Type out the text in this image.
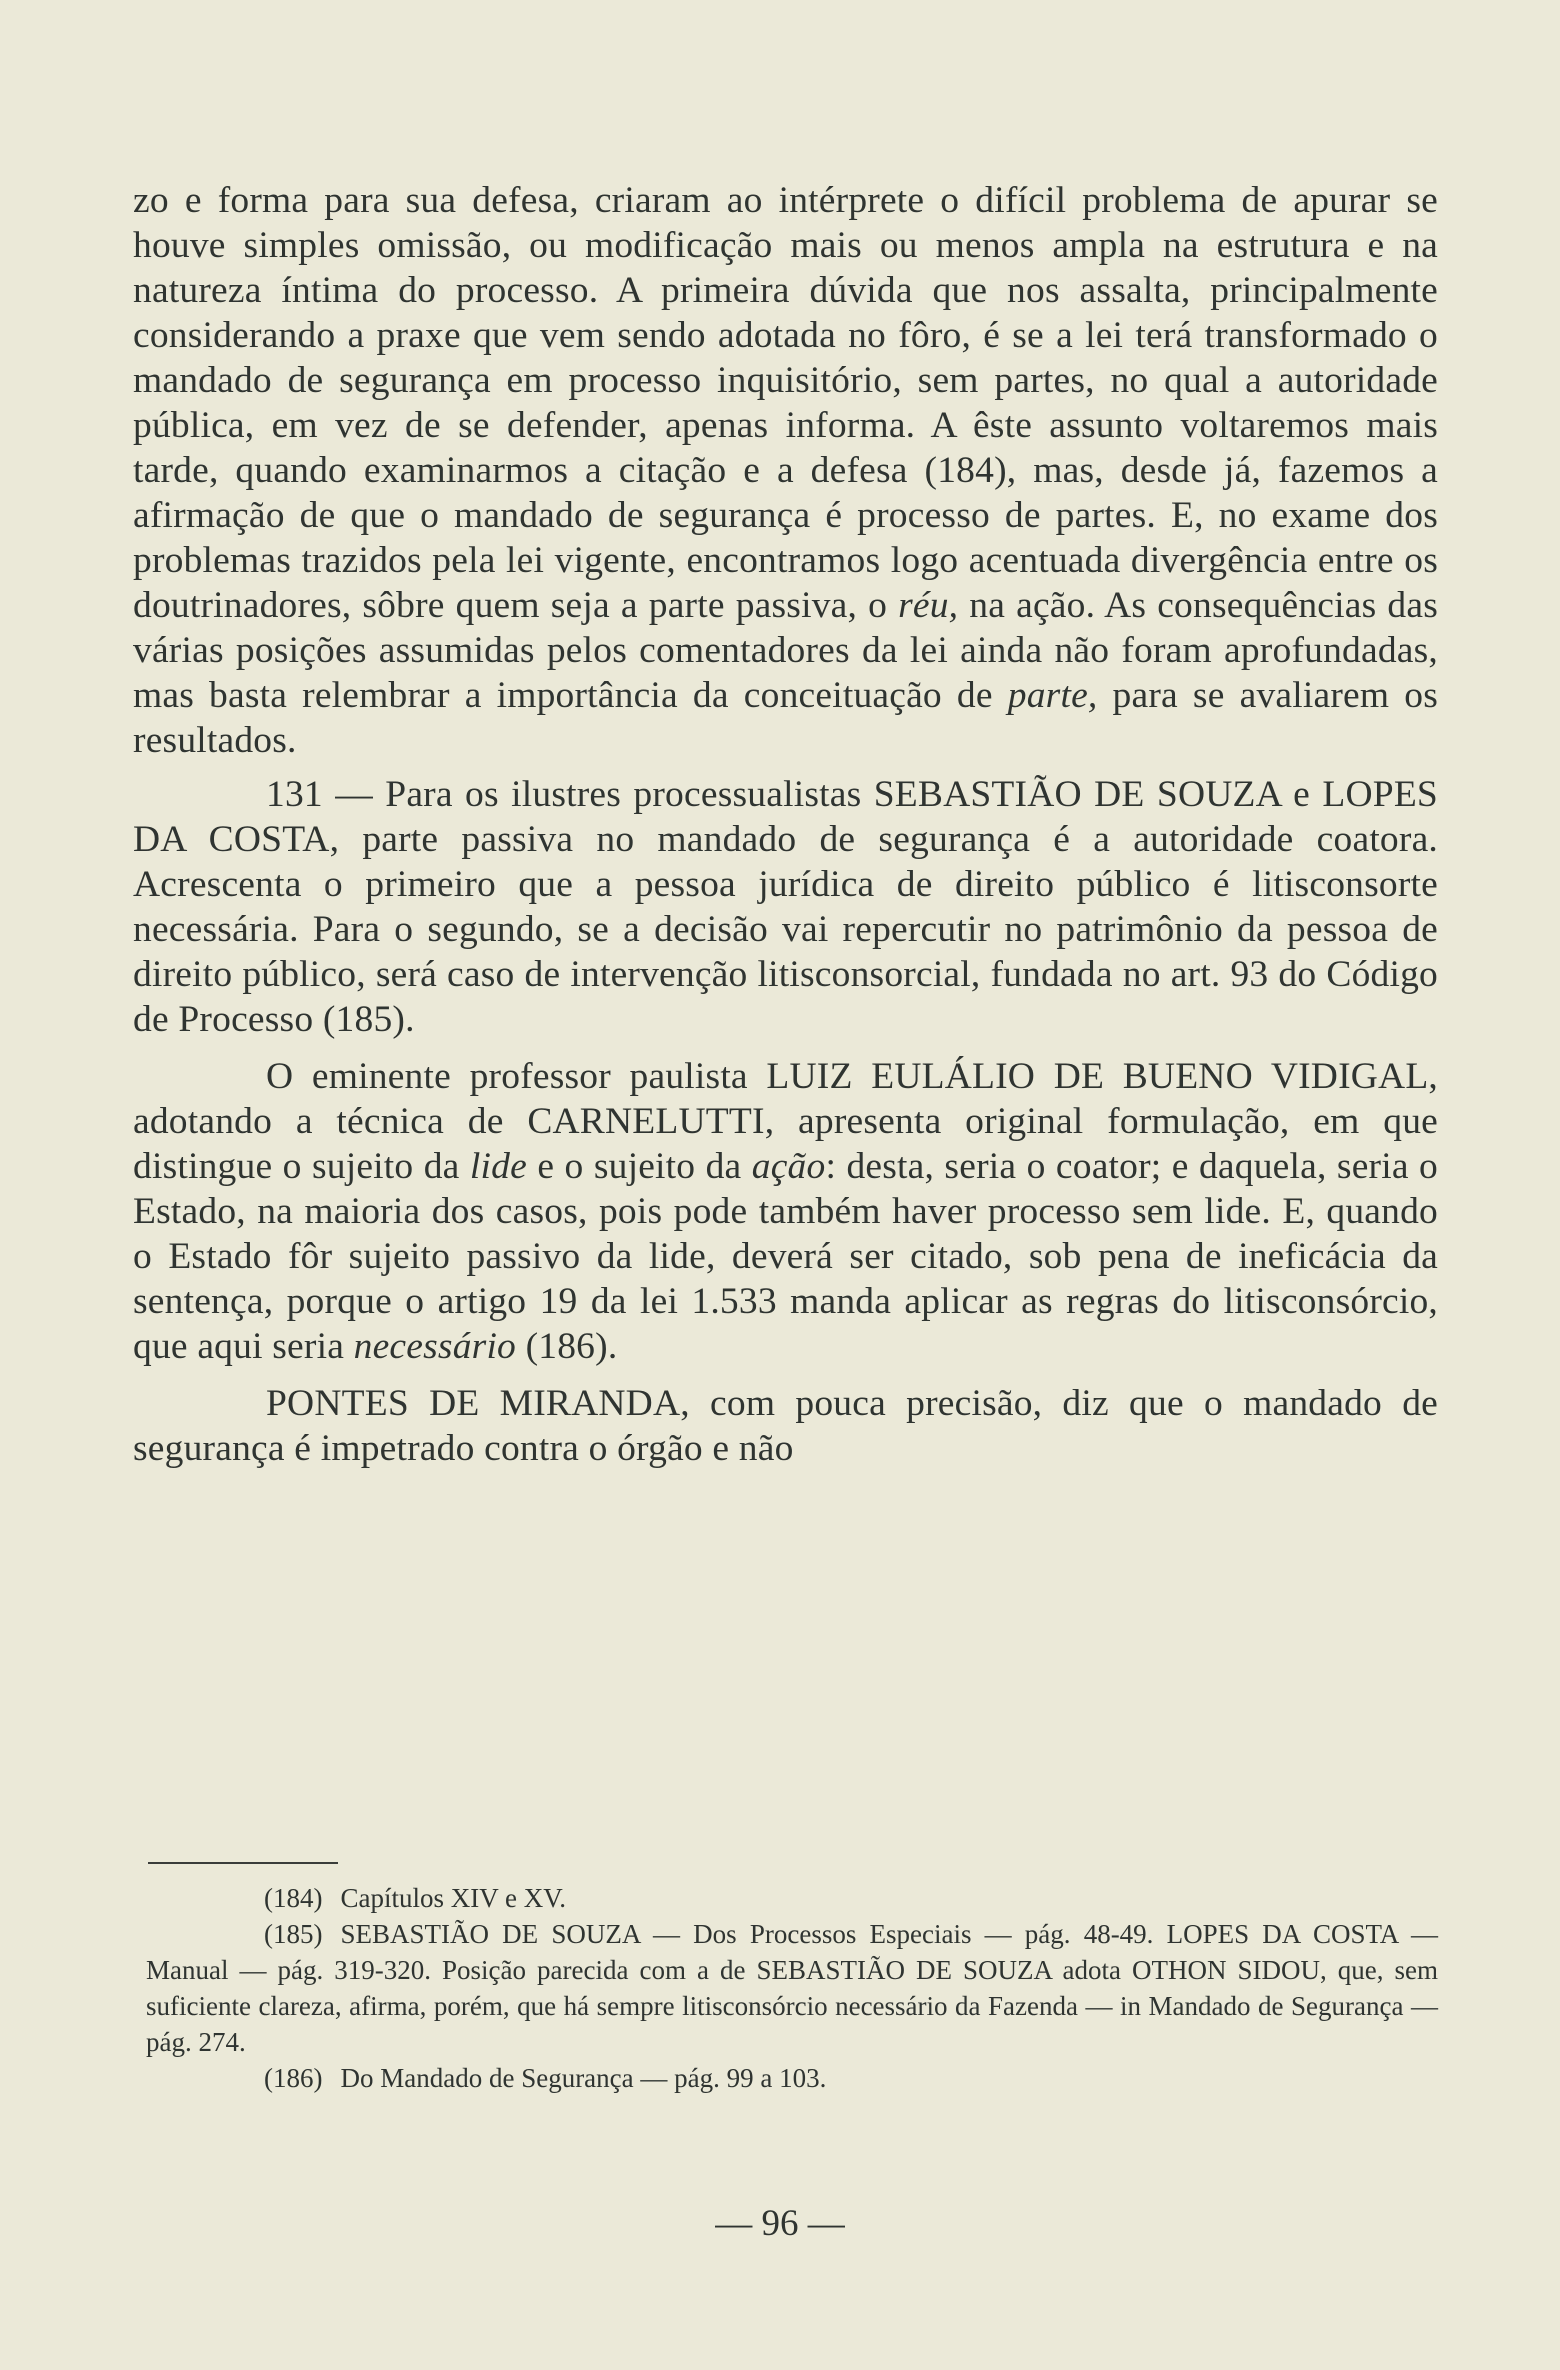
zo e forma para sua defesa, criaram ao intérprete o difícil problema de apurar se houve simples omissão, ou modificação mais ou menos ampla na estrutura e na natureza íntima do processo. A primeira dúvida que nos assalta, principalmente considerando a praxe que vem sendo adotada no fôro, é se a lei terá transformado o mandado de segurança em processo inquisitório, sem partes, no qual a autoridade pública, em vez de se defender, apenas informa. A êste assunto voltaremos mais tarde, quando examinarmos a citação e a defesa (184), mas, desde já, fazemos a afirmação de que o mandado de segurança é processo de partes. E, no exame dos problemas trazidos pela lei vigente, encontramos logo acentuada divergência entre os doutrinadores, sôbre quem seja a parte passiva, o réu, na ação. As consequências das várias posições assumidas pelos comentadores da lei ainda não foram aprofundadas, mas basta relembrar a importância da conceituação de parte, para se avaliarem os resultados.

131 — Para os ilustres processualistas SEBASTIÃO DE SOUZA e LOPES DA COSTA, parte passiva no mandado de segurança é a autoridade coatora. Acrescenta o primeiro que a pessoa jurídica de direito público é litisconsorte necessária. Para o segundo, se a decisão vai repercutir no patrimônio da pessoa de direito público, será caso de intervenção litisconsorcial, fundada no art. 93 do Código de Processo (185).

O eminente professor paulista LUIZ EULÁLIO DE BUENO VIDIGAL, adotando a técnica de CARNELUTTI, apresenta original formulação, em que distingue o sujeito da lide e o sujeito da ação: desta, seria o coator; e daquela, seria o Estado, na maioria dos casos, pois pode também haver processo sem lide. E, quando o Estado fôr sujeito passivo da lide, deverá ser citado, sob pena de ineficácia da sentença, porque o artigo 19 da lei 1.533 manda aplicar as regras do litisconsórcio, que aqui seria necessário (186).

PONTES DE MIRANDA, com pouca precisão, diz que o mandado de segurança é impetrado contra o órgão e não

(184) Capítulos XIV e XV.

(185) SEBASTIÃO DE SOUZA — Dos Processos Especiais — pág. 48-49. LOPES DA COSTA — Manual — pág. 319-320. Posição parecida com a de SEBASTIÃO DE SOUZA adota OTHON SIDOU, que, sem suficiente clareza, afirma, porém, que há sempre litisconsórcio necessário da Fazenda — in Mandado de Segurança — pág. 274.

(186) Do Mandado de Segurança — pág. 99 a 103.

— 96 —
